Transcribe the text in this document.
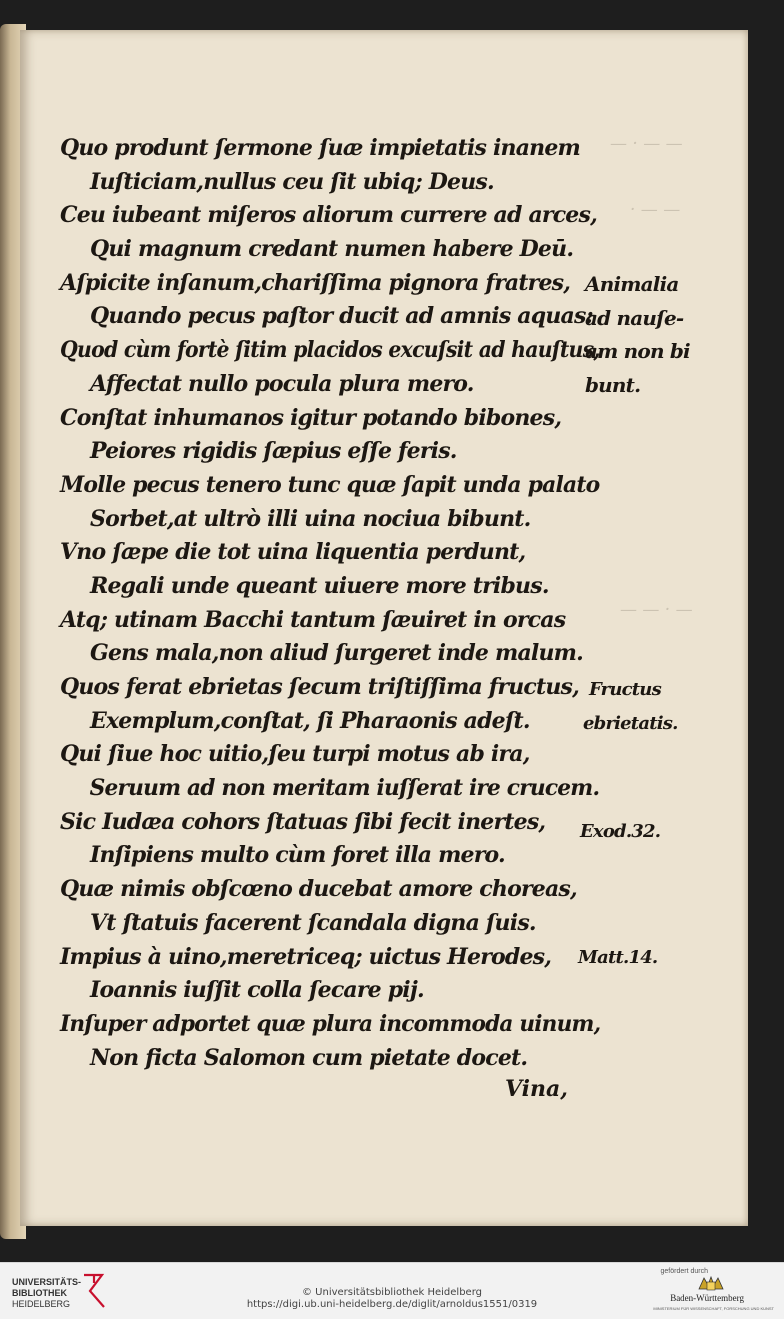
— · — —
· — —
— — · —
Quo produnt ſermone ſuæ impietatis inanem
Iuſticiam,nullus ceu ſit ubiq; Deus.
Ceu iubeant miſeros aliorum currere ad arces,
Qui magnum credant numen habere Deū.
Aſpicite inſanum,chariſſima pignora fratres,
Quando pecus paſtor ducit ad amnis aquas:
Quod cùm fortè ſitim placidos excuſsit ad hauſtus,
Affectat nullo pocula plura mero.
Conſtat inhumanos igitur potando bibones,
Peiores rigidis ſæpius eſſe feris.
Molle pecus tenero tunc quæ ſapit unda palato
Sorbet,at ultrò illi uina nociua bibunt.
Vno ſæpe die tot uina liquentia perdunt,
Regali unde queant uiuere more tribus.
Atq; utinam Bacchi tantum ſæuiret in orcas
Gens mala,non aliud ſurgeret inde malum.
Quos ferat ebrietas ſecum triſtiſſima fructus,
Exemplum,conſtat, ſi Pharaonis adeſt.
Qui ſiue hoc uitio,ſeu turpi motus ab ira,
Seruum ad non meritam iuſſerat ire crucem.
Sic Iudæa cohors ſtatuas ſibi fecit inertes,
Inſipiens multo cùm foret illa mero.
Quæ nimis obſcœno ducebat amore choreas,
Vt ſtatuis facerent ſcandala digna ſuis.
Impius à uino,meretriceq; uictus Herodes,
Ioannis iuſſit colla ſecare pij.
Inſuper adportet quæ plura incommoda uinum,
Non ficta Salomon cum pietate docet.
Animalia
ad nauſe-
am non bi
bunt.
Fructus
ebrietatis.
Exod.32.
Matt.14.
Vina,
UNIVERSITÄTS-
BIBLIOTHEK
HEIDELBERG
© Universitätsbibliothek Heidelberg
https://digi.ub.uni-heidelberg.de/diglit/arnoldus1551/0319
gefördert durch
Baden-Württemberg
MINISTERIUM FÜR WISSENSCHAFT, FORSCHUNG UND KUNST
